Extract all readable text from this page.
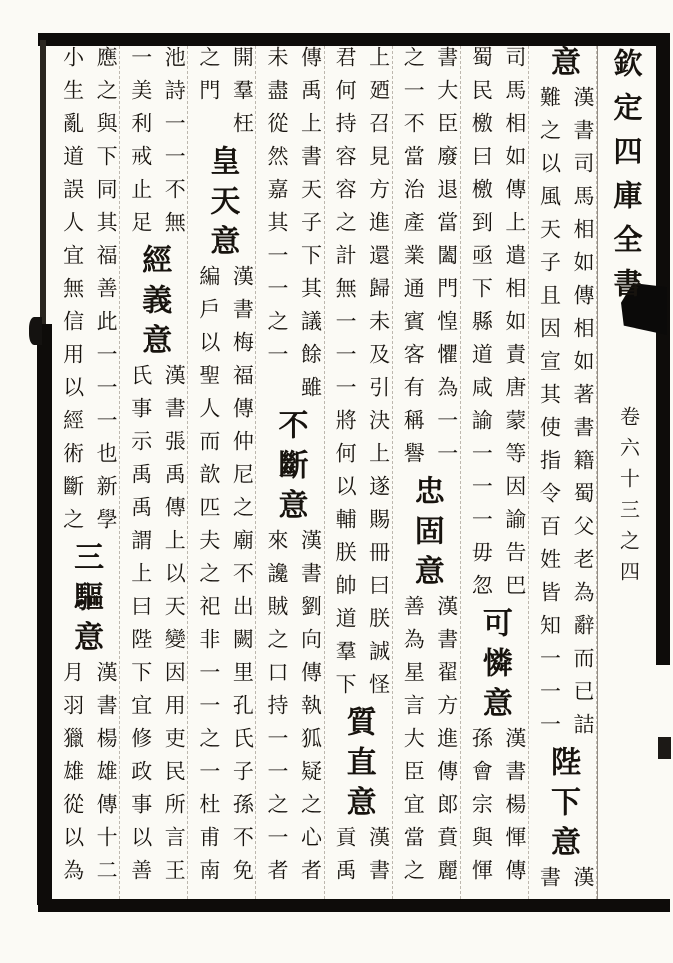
欽定四庫全書
卷六十三之四
意
漢書司馬相如傳相如著書籍蜀父老為辭而已詰
難之以風天子且因宣其使指令百姓皆知一一一
陛下意
漢
書
司馬相如傳上遣相如責唐蒙等因諭告巴
蜀民檄曰檄到亟下縣道咸諭一一一毋忽
可憐意
漢書楊惲傳
孫會宗與惲
書大臣廢退當闔門惶懼為一一
之一不當治產業通賓客有稱譽
忠固意
漢書翟方進傳郎賁麗
善為星言大臣宜當之
上廼召見方進還歸未及引決上遂賜冊曰朕誠怪
君何持容容之計無一一一將何以輔朕帥道羣下
質直意
漢書
貢禹
傳禹上書天子下其議餘雖
未盡從然嘉其一一之一
不斷意
漢書劉向傳執狐疑之心者
來讒賊之口持一一之一者
開羣枉
之門
皇天意
漢書梅福傳仲尼之廟不出闕里孔氏子孫不免
編戶以聖人而歆匹夫之祀非一一之一杜甫南
池詩一一不無
一美利戒止足
經義意
漢書張禹傳上以天變因用吏民所言王
氏事示禹禹謂上曰陛下宜修政事以善
應之與下同其福善此一一一也新學
小生亂道誤人宜無信用以經術斷之
三驅意
漢書楊雄傳十二
月羽獵雄從以為
